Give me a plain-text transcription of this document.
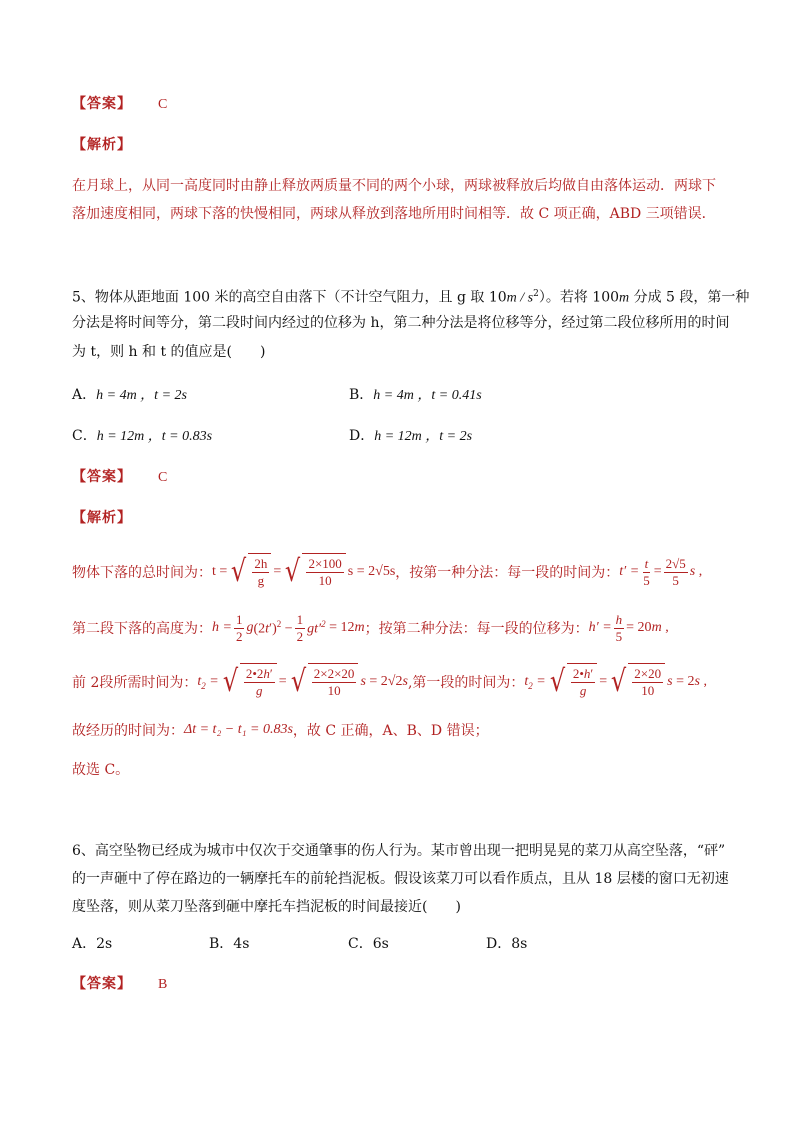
【答案】 C
【解析】
在月球上，从同一高度同时由静止释放两质量不同的两个小球，两球被释放后均做自由落体运动．两球下
落加速度相同，两球下落的快慢相同，两球从释放到落地所用时间相等．故 C 项正确，ABD 三项错误．
5、物体从距地面 100 米的高空自由落下（不计空气阻力，且 g 取 $10m / s^2$）。若将 100m 分成 5 段，第一种
分法是将时间等分，第二段时间内经过的位移为 h，第二种分法是将位移等分，经过第二段位移所用的时间
为 t，则 h 和 t 的值应是(　　)
A．h = 4m ，t = 2s	B．h = 4m ，t = 0.41s
C．h = 12m ，t = 0.83s	D．h = 12m ，t = 2s
【答案】 C
【解析】
物体下落的总时间为： t = √ $\frac{2h}{g}$ = √ $\frac{2\times 100}{10}$ s = 2√5s ，按第一种分法：每一段的时间为： $t' = \frac{t}{5} = \frac{2√5}{5}$ s ,
第二段下落的高度为： $h = \frac{1}{2}$ g $(2t')^2 - \frac{1}{2} gt'^2 = 12m$ ；按第二种分法：每一段的位移为： $h' = \frac{h}{5} = 20m$ ,
前 2段所需时间为： $t_2$ = √ $\frac{2•2h'}{g}$ = √ $\frac{2\times 2\times 20}{10}$ s = 2√2s ,第一段的时间为： $t_2$ = √ $\frac{2•h'}{g}$ = √ $\frac{2\times 20}{10}$ s = 2s ,
故经历的时间为： Δt = t₂ − t₁ = 0.83s ，故 C 正确，A、B、D 错误；
故选 C。
6、高空坠物已经成为城市中仅次于交通肇事的伤人行为。某市曾出现一把明晃晃的菜刀从高空坠落，“砰”
的一声砸中了停在路边的一辆摩托车的前轮挡泥板。假设该菜刀可以看作质点，且从 18 层楼的窗口无初速
度坠落，则从菜刀坠落到砸中摩托车挡泥板的时间最接近(　　)
A．2s	B．4s	C．6s	D．8s
【答案】 B
